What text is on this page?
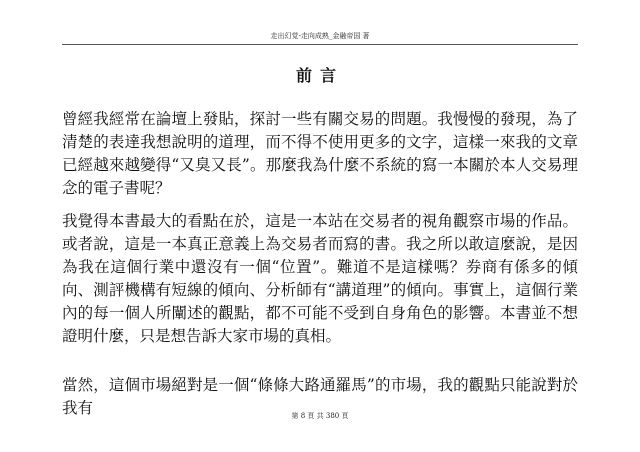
走出幻觉-走向成熟_金融帝国 著
前言

曾經我經常在論壇上發貼，探討一些有關交易的問題。我慢慢的發現，為了清楚的表達我想說明的道理，而不得不使用更多的文字，這樣一來我的文章已經越來越變得“又臭又長”。那麼我為什麼不系統的寫一本關於本人交易理念的電子書呢？

我覺得本書最大的看點在於，這是一本站在交易者的視角觀察市場的作品。或者說，這是一本真正意義上為交易者而寫的書。我之所以敢這麼說，是因為我在這個行業中還沒有一個“位置”。難道不是這樣嗎？券商有係多的傾向、測評機構有短線的傾向、分析師有“講道理”的傾向。事實上，這個行業內的每一個人所闡述的觀點，都不可能不受到自身角色的影響。本書並不想證明什麼，只是想告訴大家市場的真相。

當然，這個市場絕對是一個“條條大路通羅馬”的市場，我的觀點只能說對於我有	第 8 頁 共 380 頁
